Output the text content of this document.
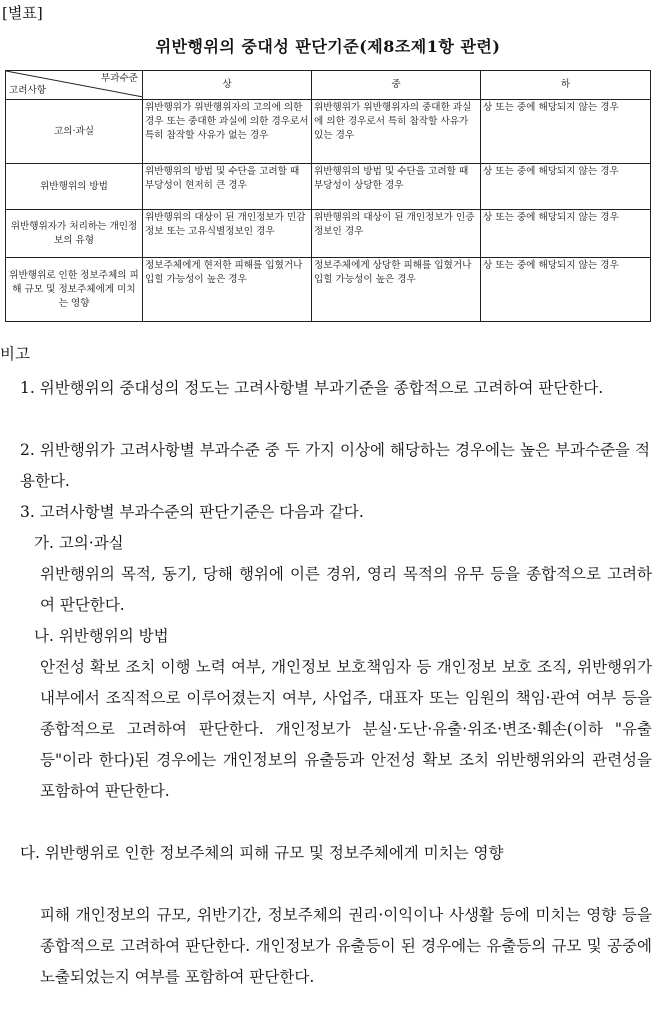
[별표]
위반행위의 중대성 판단기준(제8조제1항 관련)
부과수준
고려사항	상	중	하
고의·과실	위반행위가 위반행위자의 고의에 의한 경우 또는 중대한 과실에 의한 경우로서 특히 참작할 사유가 없는 경우	위반행위가 위반행위자의 중대한 과실에 의한 경우로서 특히 참작할 사유가 있는 경우	상 또는 중에 해당되지 않는 경우
위반행위의 방법	위반행위의 방법 및 수단을 고려할 때 부당성이 현저히 큰 경우	위반행위의 방법 및 수단을 고려할 때 부당성이 상당한 경우	상 또는 중에 해당되지 않는 경우
위반행위자가 처리하는 개인정보의 유형	위반행위의 대상이 된 개인정보가 민감정보 또는 고유식별정보인 경우	위반행위의 대상이 된 개인정보가 인증정보인 경우	상 또는 중에 해당되지 않는 경우
위반행위로 인한 정보주체의 피해 규모 및 정보주체에게 미치는 영향	정보주체에게 현저한 피해를 입혔거나 입힐 가능성이 높은 경우	정보주체에게 상당한 피해를 입혔거나 입힐 가능성이 높은 경우	상 또는 중에 해당되지 않는 경우
비고
1. 위반행위의 중대성의 정도는 고려사항별 부과기준을 종합적으로 고려하여 판단한다.
2. 위반행위가 고려사항별 부과수준 중 두 가지 이상에 해당하는 경우에는 높은 부과수준을 적용한다.
3. 고려사항별 부과수준의 판단기준은 다음과 같다.
가. 고의·과실
위반행위의 목적, 동기, 당해 행위에 이른 경위, 영리 목적의 유무 등을 종합적으로 고려하여 판단한다.
나. 위반행위의 방법
안전성 확보 조치 이행 노력 여부, 개인정보 보호책임자 등 개인정보 보호 조직, 위반행위가 내부에서 조직적으로 이루어졌는지 여부, 사업주, 대표자 또는 임원의 책임·관여 여부 등을 종합적으로 고려하여 판단한다. 개인정보가 분실·도난·유출·위조·변조·훼손(이하 "유출등"이라 한다)된 경우에는 개인정보의 유출등과 안전성 확보 조치 위반행위와의 관련성을 포함하여 판단한다.
다. 위반행위로 인한 정보주체의 피해 규모 및 정보주체에게 미치는 영향
피해 개인정보의 규모, 위반기간, 정보주체의 권리·이익이나 사생활 등에 미치는 영향 등을 종합적으로 고려하여 판단한다. 개인정보가 유출등이 된 경우에는 유출등의 규모 및 공중에 노출되었는지 여부를 포함하여 판단한다.
